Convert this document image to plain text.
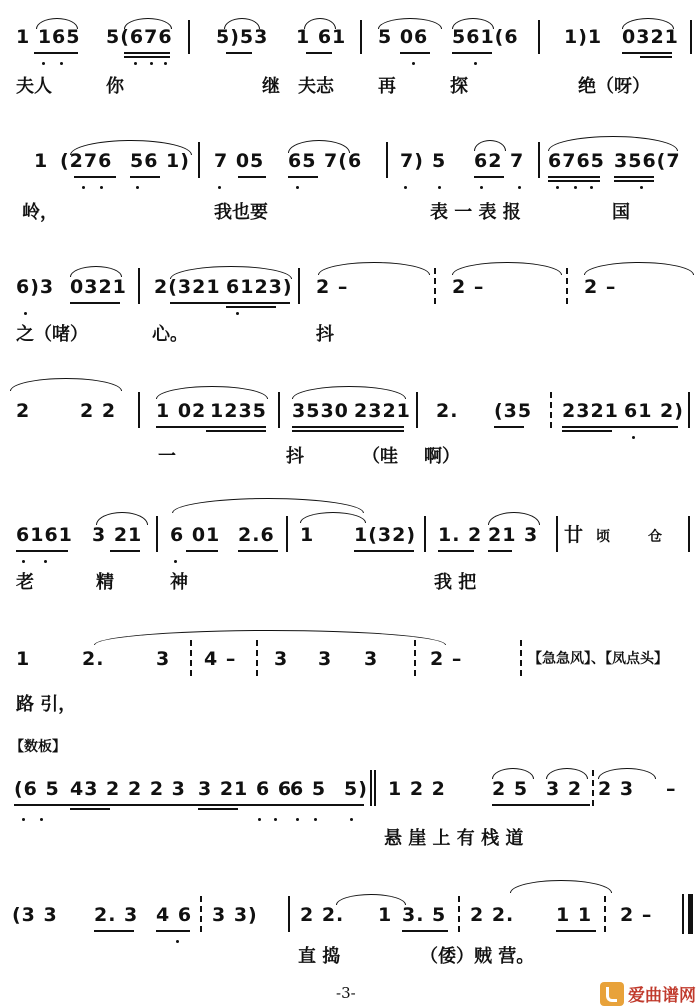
1 165 5(676 5)53 1 61 5 06 561(6 1)1 0321
夫人	你	继 夫志 再	探	绝（呀）
1 (276 56 1) 7 05 65 7(6 7) 5 62 7 6765 356(7
岭，	我也要	表 一 表 报	国
6)3 0321 2(321 6123) 2 –	2 –	2 –
之（啫）	心。	抖
2	2 2 1 02 1235 3530 2321 2. (35 2321 61 2)
一	抖	（哇 啊）
6161 3 21 6 01 2.6 1 1(32) 1. 2 21 3 廿 顷	仓
老	精	神	我 把
1	2.	3 4 – 3 3 3	2 –	【急急风】、【凤点头】
路 引，
【数板】
(6 5 43 2 2 2 3 3 21 6 6
6 5 5) 1 2 2 2 5 3 2 2 3 –
悬 崖 上 有 栈 道
(3 3 2. 3 4 6 3 3) 2 2. 1 3. 5 2 2. 1 1 2 –
直 捣	（倭）贼 营。
-3-	爱曲谱网
